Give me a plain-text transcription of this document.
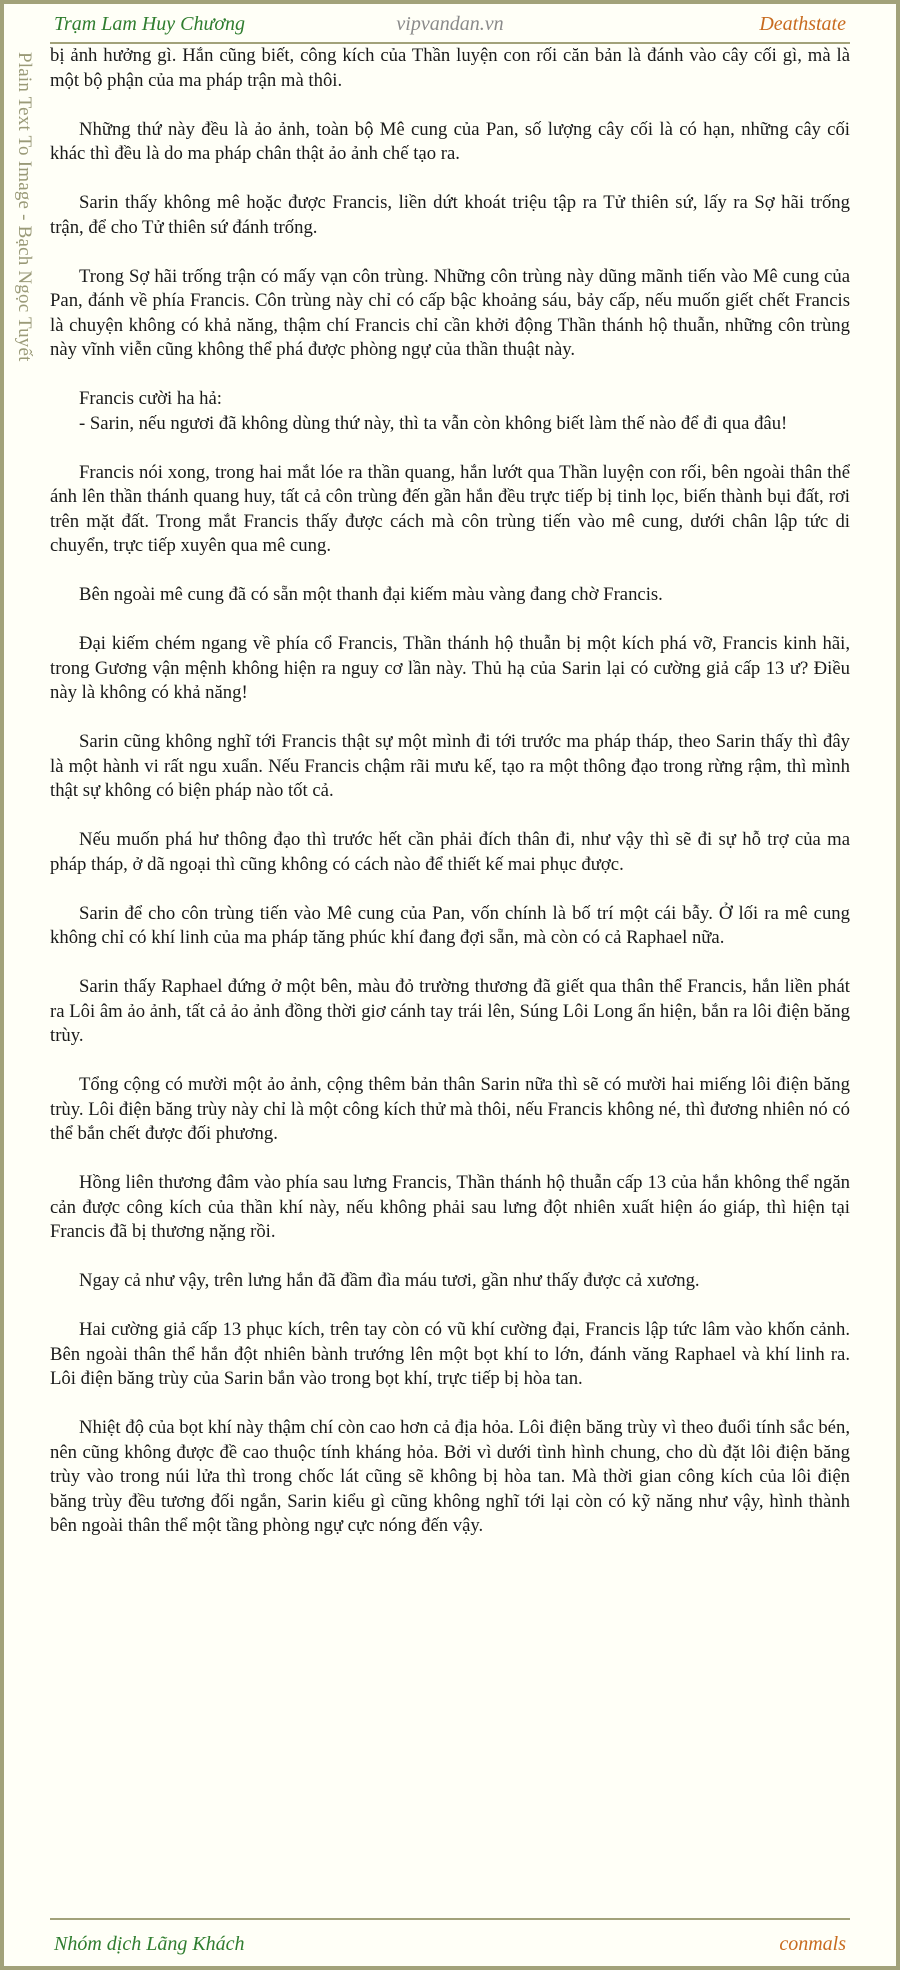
Trạm Lam Huy Chương	vipvandan.vn	Deathstate
Plain Text To Image - Bạch Ngọc Tuyết bị ảnh hưởng gì. Hắn cũng biết, công kích của Thần luyện con rối căn bản là đánh vào cây cối gì, mà là một bộ phận của ma pháp trận mà thôi.

Những thứ này đều là ảo ảnh, toàn bộ Mê cung của Pan, số lượng cây cối là có hạn, những cây cối khác thì đều là do ma pháp chân thật ảo ảnh chế tạo ra.

Sarin thấy không mê hoặc được Francis, liền dứt khoát triệu tập ra Tử thiên sứ, lấy ra Sợ hãi trống trận, để cho Tử thiên sứ đánh trống.

Trong Sợ hãi trống trận có mấy vạn côn trùng. Những côn trùng này dũng mãnh tiến vào Mê cung của Pan, đánh về phía Francis. Côn trùng này chỉ có cấp bậc khoảng sáu, bảy cấp, nếu muốn giết chết Francis là chuyện không có khả năng, thậm chí Francis chỉ cần khởi động Thần thánh hộ thuẫn, những côn trùng này vĩnh viễn cũng không thể phá được phòng ngự của thần thuật này.

Francis cười ha hả:
- Sarin, nếu ngươi đã không dùng thứ này, thì ta vẫn còn không biết làm thế nào để đi qua đâu!

Francis nói xong, trong hai mắt lóe ra thần quang, hắn lướt qua Thần luyện con rối, bên ngoài thân thể ánh lên thần thánh quang huy, tất cả côn trùng đến gần hắn đều trực tiếp bị tinh lọc, biến thành bụi đất, rơi trên mặt đất. Trong mắt Francis thấy được cách mà côn trùng tiến vào mê cung, dưới chân lập tức di chuyển, trực tiếp xuyên qua mê cung.

Bên ngoài mê cung đã có sẵn một thanh đại kiếm màu vàng đang chờ Francis.

Đại kiếm chém ngang về phía cổ Francis, Thần thánh hộ thuẫn bị một kích phá vỡ, Francis kinh hãi, trong Gương vận mệnh không hiện ra nguy cơ lần này. Thủ hạ của Sarin lại có cường giả cấp 13 ư? Điều này là không có khả năng!

Sarin cũng không nghĩ tới Francis thật sự một mình đi tới trước ma pháp tháp, theo Sarin thấy thì đây là một hành vi rất ngu xuẩn. Nếu Francis chậm rãi mưu kế, tạo ra một thông đạo trong rừng rậm, thì mình thật sự không có biện pháp nào tốt cả.

Nếu muốn phá hư thông đạo thì trước hết cần phải đích thân đi, như vậy thì sẽ đi sự hỗ trợ của ma pháp tháp, ở dã ngoại thì cũng không có cách nào để thiết kế mai phục được.

Sarin để cho côn trùng tiến vào Mê cung của Pan, vốn chính là bố trí một cái bẫy. Ở lối ra mê cung không chỉ có khí linh của ma pháp tăng phúc khí đang đợi sẵn, mà còn có cả Raphael nữa.

Sarin thấy Raphael đứng ở một bên, màu đỏ trường thương đã giết qua thân thể Francis, hắn liền phát ra Lôi âm ảo ảnh, tất cả ảo ảnh đồng thời giơ cánh tay trái lên, Súng Lôi Long ẩn hiện, bắn ra lôi điện băng trùy.

Tổng cộng có mười một ảo ảnh, cộng thêm bản thân Sarin nữa thì sẽ có mười hai miếng lôi điện băng trùy. Lôi điện băng trùy này chỉ là một công kích thử mà thôi, nếu Francis không né, thì đương nhiên nó có thể bắn chết được đối phương.

Hồng liên thương đâm vào phía sau lưng Francis, Thần thánh hộ thuẫn cấp 13 của hắn không thể ngăn cản được công kích của thần khí này, nếu không phải sau lưng đột nhiên xuất hiện áo giáp, thì hiện tại Francis đã bị thương nặng rồi.

Ngay cả như vậy, trên lưng hắn đã đầm đìa máu tươi, gần như thấy được cả xương.

Hai cường giả cấp 13 phục kích, trên tay còn có vũ khí cường đại, Francis lập tức lâm vào khốn cảnh. Bên ngoài thân thể hắn đột nhiên bành trướng lên một bọt khí to lớn, đánh văng Raphael và khí linh ra. Lôi điện băng trùy của Sarin bắn vào trong bọt khí, trực tiếp bị hòa tan.

Nhiệt độ của bọt khí này thậm chí còn cao hơn cả địa hỏa. Lôi điện băng trùy vì theo đuổi tính sắc bén, nên cũng không được đề cao thuộc tính kháng hỏa. Bởi vì dưới tình hình chung, cho dù đặt lôi điện băng trùy vào trong núi lửa thì trong chốc lát cũng sẽ không bị hòa tan. Mà thời gian công kích của lôi điện băng trùy đều tương đối ngắn, Sarin kiểu gì cũng không nghĩ tới lại còn có kỹ năng như vậy, hình thành bên ngoài thân thể một tầng phòng ngự cực nóng đến vậy.

Nhóm dịch Lãng Khách	conmals
